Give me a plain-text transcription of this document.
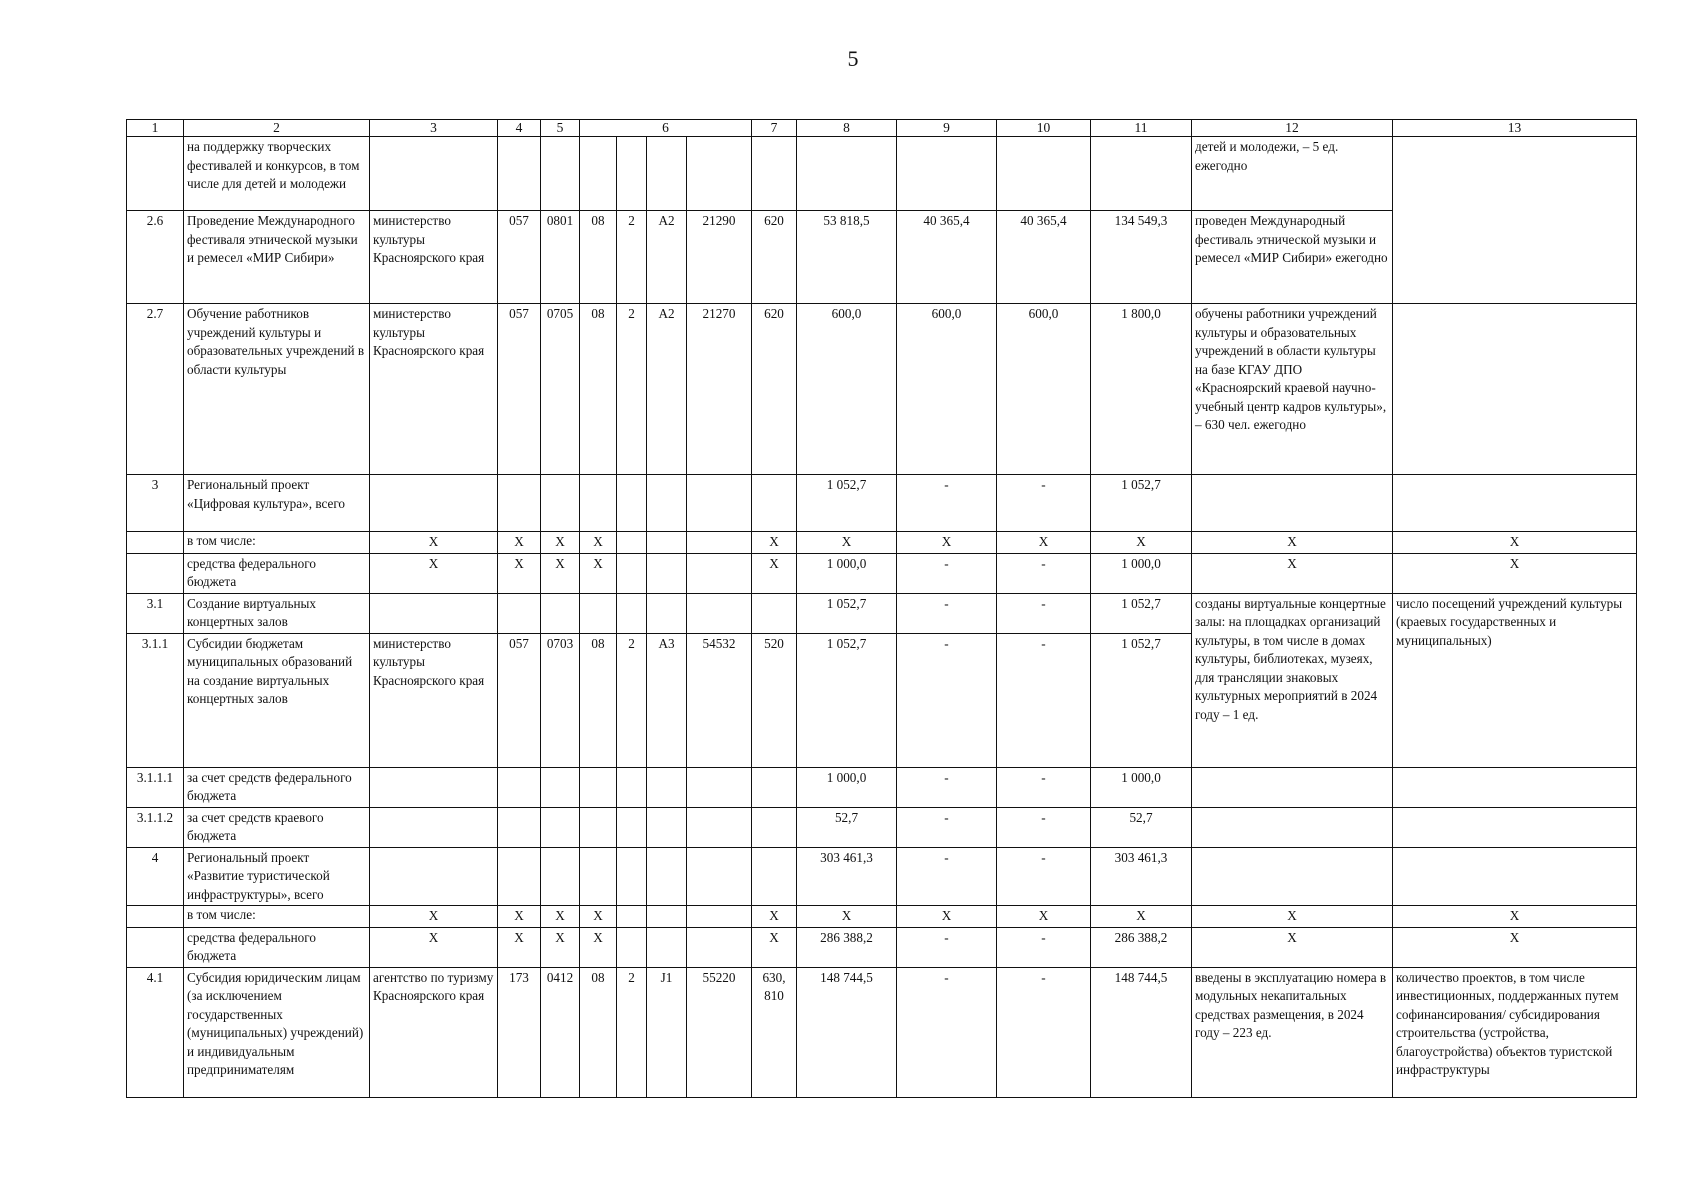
5
1	2	3	4	5	6				7	8	9	10	11	12	13
	на поддержку творческих фестивалей и конкурсов, в том числе для детей и молодежи													детей и молодежи, – 5 ед. ежегодно	
2.6	Проведение Международного фестиваля этнической музыки и ремесел «МИР Сибири»	министерство культуры Красноярского края	057	0801	08	2	А2	21290	620	53 818,5	40 365,4	40 365,4	134 549,3	проведен Международный фестиваль этнической музыки и ремесел «МИР Сибири» ежегодно	
2.7	Обучение работников учреждений культуры и образовательных учреждений в области культуры	министерство культуры Красноярского края	057	0705	08	2	А2	21270	620	600,0	600,0	600,0	1 800,0	обучены работники учреждений культуры и образовательных учреждений в области культуры на базе КГАУ ДПО «Красноярский краевой научно-учебный центр кадров культуры», – 630 чел. ежегодно	
3	Региональный проект «Цифровая культура», всего									1 052,7	-	-	1 052,7		
	в том числе:	X	X	X	X				X	X	X	X	X	X	X
	средства федерального бюджета	X	X	X	X				X	1 000,0	-	-	1 000,0	X	X
3.1	Создание виртуальных концертных залов									1 052,7	-	-	1 052,7	созданы виртуальные концертные залы: на площадках организаций культуры, в том числе в домах культуры, библиотеках, музеях, для трансляции знаковых культурных мероприятий в 2024 году – 1 ед.	число посещений учреждений культуры (краевых государственных и муниципальных)
3.1.1	Субсидии бюджетам муниципальных образований на создание виртуальных концертных залов	министерство культуры Красноярского края	057	0703	08	2	А3	54532	520	1 052,7	-	-	1 052,7		
3.1.1.1	за счет средств федерального бюджета									1 000,0	-	-	1 000,0		
3.1.1.2	за счет средств краевого бюджета									52,7	-	-	52,7		
4	Региональный проект «Развитие туристической инфраструктуры», всего									303 461,3	-	-	303 461,3		
	в том числе:	X	X	X	X				X	X	X	X	X	X	X
	средства федерального бюджета	X	X	X	X				X	286 388,2	-	-	286 388,2	X	X
4.1	Субсидия юридическим лицам (за исключением государственных (муниципальных) учреждений) и индивидуальным предпринимателям	агентство по туризму Красноярского края	173	0412	08	2	J1	55220	630, 810	148 744,5	-	-	148 744,5	введены в эксплуатацию номера в модульных некапитальных средствах размещения, в 2024 году – 223 ед.	количество проектов, в том числе инвестиционных, поддержанных путем софинансирования/ субсидирования строительства (устройства, благоустройства) объектов туристской инфраструктуры
